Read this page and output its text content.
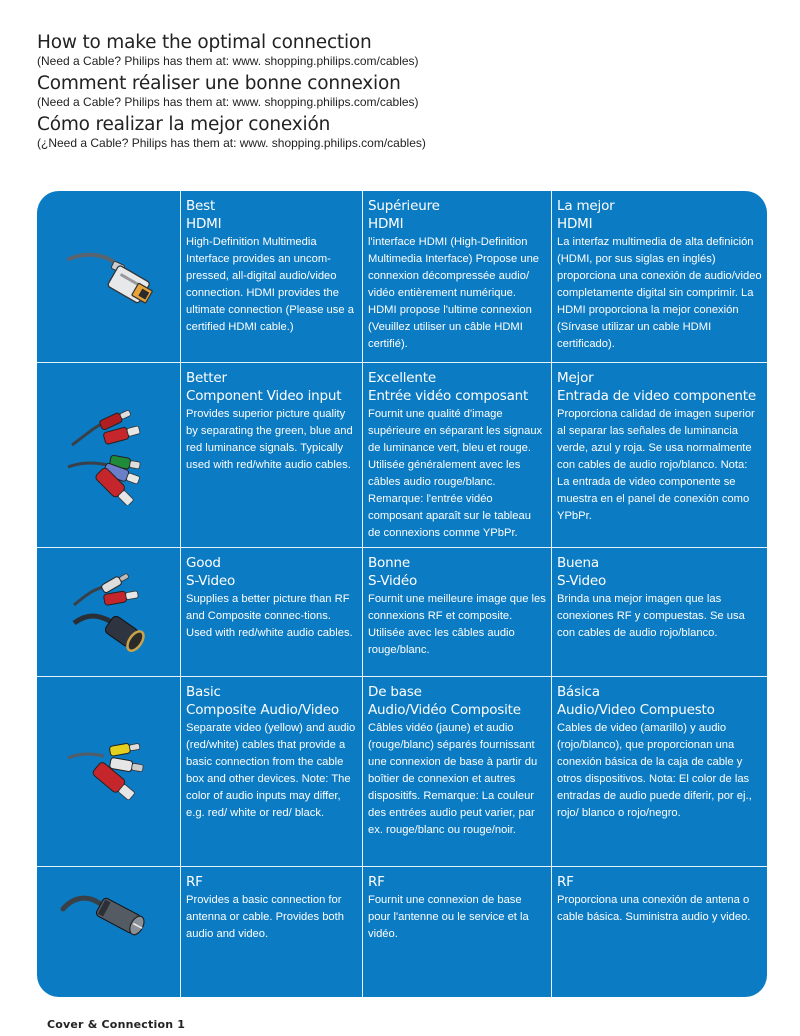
How to make the optimal connection
(Need a Cable? Philips has them at: www. shopping.philips.com/cables)
Comment réaliser une bonne connexion
(Need a Cable? Philips has them at: www. shopping.philips.com/cables)
Cómo realizar la mejor conexión
(¿Need a Cable? Philips has them at: www. shopping.philips.com/cables)
Best
HDMI
High-Definition Multimedia Interface provides an uncom-pressed, all-digital audio/video connection. HDMI provides the ultimate connection (Please use a certified HDMI cable.)
Supérieure
HDMI
l'interface HDMI (High-Definition Multimedia Interface) Propose une connexion décompressée audio/ vidéo entièrement numérique. HDMI propose l'ultime connexion (Veuillez utiliser un câble HDMI certifié).
La mejor
HDMI
La interfaz multimedia de alta definición (HDMI, por sus siglas en inglés) proporciona una conexión de audio/video completamente digital sin comprimir. La HDMI proporciona la mejor conexión (Sírvase utilizar un cable HDMI certificado).
Better
Component Video input
Provides superior picture quality by separating the green, blue and red luminance signals. Typically used with red/white audio cables.
Excellente
Entrée vidéo composant
Fournit une qualité d'image supérieure en séparant les signaux de luminance vert, bleu et rouge. Utilisée généralement avec les câbles audio rouge/blanc. Remarque: l'entrée vidéo composant aparaît sur le tableau de connexions comme YPbPr.
Mejor
Entrada de video componente
Proporciona calidad de imagen superior al separar las señales de luminancia verde, azul y roja. Se usa normalmente con cables de audio rojo/blanco. Nota: La entrada de video componente se muestra en el panel de conexión como YPbPr.
Good
S-Video
Supplies a better picture than RF and Composite connec-tions. Used with red/white audio cables.
Bonne
S-Vidéo
Fournit une meilleure image que les connexions RF et composite. Utilisée avec les câbles audio rouge/blanc.
Buena
S-Video
Brinda una mejor imagen que las conexiones RF y compuestas. Se usa con cables de audio rojo/blanco.
Basic
Composite Audio/Video
Separate video (yellow) and audio (red/white) cables that provide a basic connection from the cable box and other devices. Note: The color of audio inputs may differ, e.g. red/ white or red/ black.
De base
Audio/Vidéo Composite
Câbles vidéo (jaune) et audio (rouge/blanc) séparés fournissant une connexion de base à partir du boîtier de connexion et autres dispositifs. Remarque: La couleur des entrées audio peut varier, par ex. rouge/blanc ou rouge/noir.
Básica
Audio/Video Compuesto
Cables de video (amarillo) y audio (rojo/blanco), que proporcionan una conexión básica de la caja de cable y otros dispositivos. Nota: El color de las entradas de audio puede diferir, por ej., rojo/ blanco o rojo/negro.
RF
Provides a basic connection for antenna or cable. Provides both audio and video.
RF
Fournit une connexion de base pour l'antenne ou le service et la vidéo.
RF
Proporciona una conexión de antena o cable básica. Suministra audio y video.
Cover & Connection 1
